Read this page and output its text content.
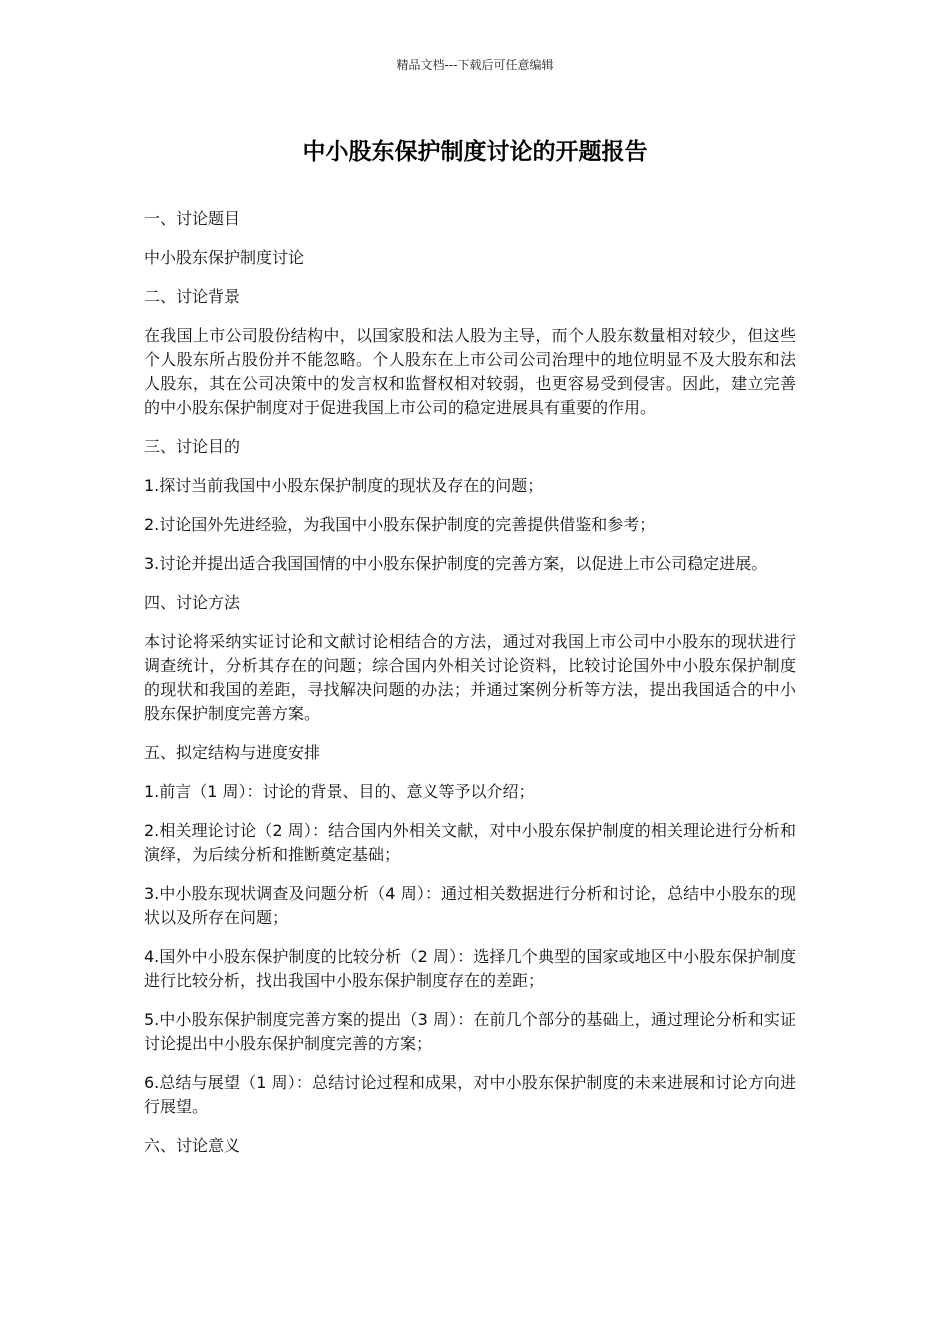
精品文档---下载后可任意编辑
中小股东保护制度讨论的开题报告

一、讨论题目

中小股东保护制度讨论

二、讨论背景

在我国上市公司股份结构中，以国家股和法人股为主导，而个人股东数量相对较少，但这些个人股东所占股份并不能忽略。个人股东在上市公司公司治理中的地位明显不及大股东和法人股东，其在公司决策中的发言权和监督权相对较弱，也更容易受到侵害。因此，建立完善的中小股东保护制度对于促进我国上市公司的稳定进展具有重要的作用。

三、讨论目的

1.探讨当前我国中小股东保护制度的现状及存在的问题；

2.讨论国外先进经验，为我国中小股东保护制度的完善提供借鉴和参考；

3.讨论并提出适合我国国情的中小股东保护制度的完善方案，以促进上市公司稳定进展。

四、讨论方法

本讨论将采纳实证讨论和文献讨论相结合的方法，通过对我国上市公司中小股东的现状进行调查统计，分析其存在的问题；综合国内外相关讨论资料，比较讨论国外中小股东保护制度的现状和我国的差距，寻找解决问题的办法；并通过案例分析等方法，提出我国适合的中小股东保护制度完善方案。

五、拟定结构与进度安排

1.前言（1 周）：讨论的背景、目的、意义等予以介绍；

2.相关理论讨论（2 周）：结合国内外相关文献，对中小股东保护制度的相关理论进行分析和演绎，为后续分析和推断奠定基础；

3.中小股东现状调查及问题分析（4 周）：通过相关数据进行分析和讨论，总结中小股东的现状以及所存在问题；

4.国外中小股东保护制度的比较分析（2 周）：选择几个典型的国家或地区中小股东保护制度进行比较分析，找出我国中小股东保护制度存在的差距；

5.中小股东保护制度完善方案的提出（3 周）：在前几个部分的基础上，通过理论分析和实证讨论提出中小股东保护制度完善的方案；

6.总结与展望（1 周）：总结讨论过程和成果，对中小股东保护制度的未来进展和讨论方向进行展望。

六、讨论意义
